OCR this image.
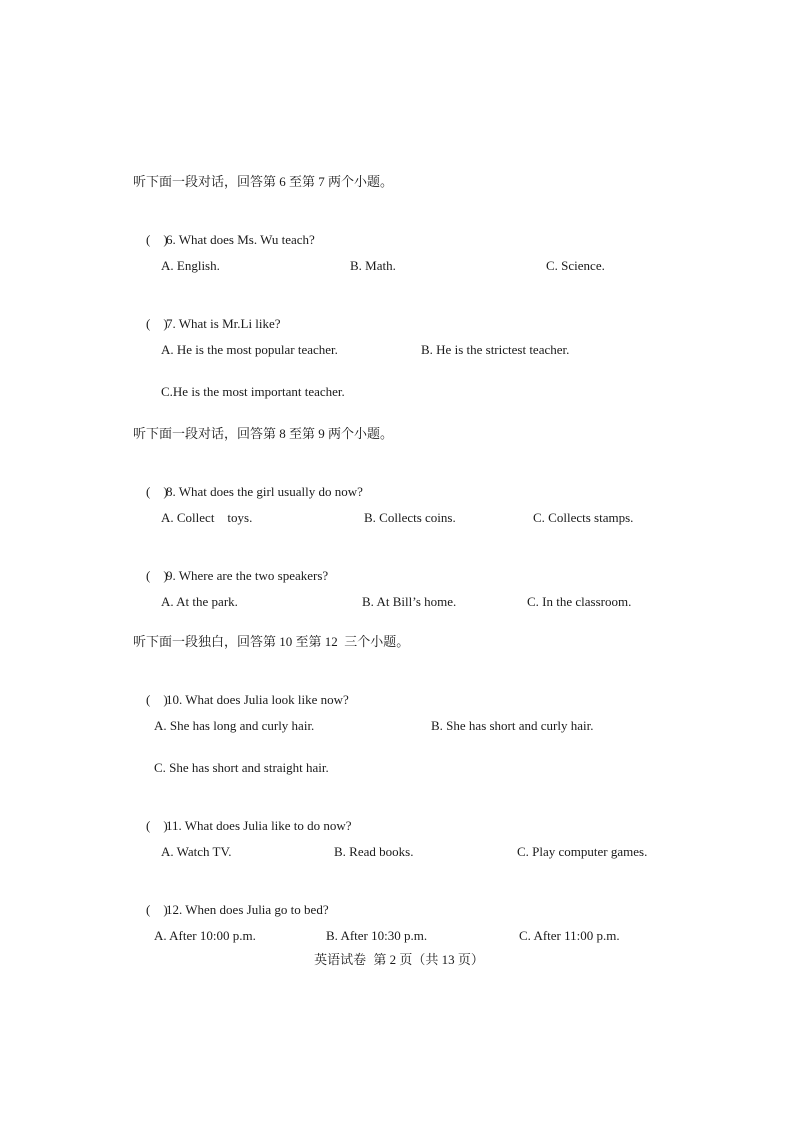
听下面一段对话，回答第 6 至第 7 两个小题。

(    )6. What does Ms. Wu teach?

A. English.	B. Math.	C. Science.

(    )7. What is Mr.Li like?

A. He is the most popular teacher.	B. He is the strictest teacher.
C.He is the most important teacher.
听下面一段对话，回答第 8 至第 9 两个小题。

(    )8. What does the girl usually do now?

A. Collect    toys.	B. Collects coins.	C. Collects stamps.

(    )9. Where are the two speakers?

A. At the park.	B. At Bill’s home.	C. In the classroom.
听下面一段独白，回答第 10 至第 12  三个小题。

(    )10. What does Julia look like now?

A. She has long and curly hair.	B. She has short and curly hair.
C. She has short and straight hair.

(    )11. What does Julia like to do now?

A. Watch TV.	B. Read books.	C. Play computer games.

(    )12. When does Julia go to bed?

A. After 10:00 p.m.	B. After 10:30 p.m.	C. After 11:00 p.m.
英语试卷 第 2 页（共 13 页）
